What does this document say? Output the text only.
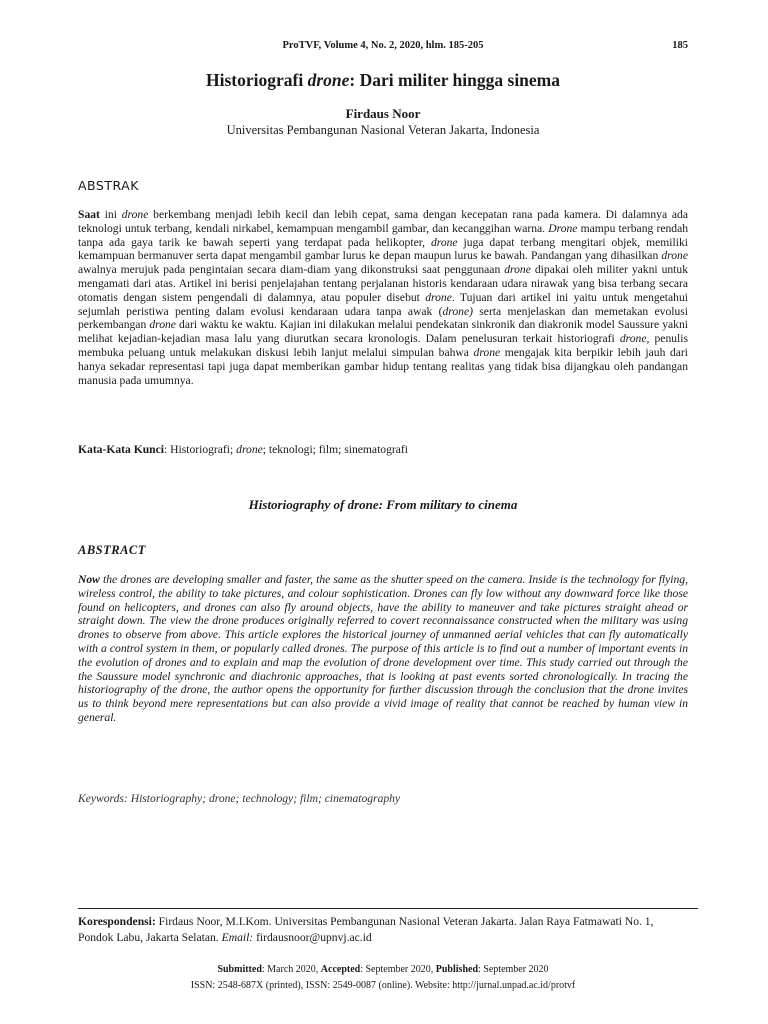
ProTVF, Volume 4, No. 2, 2020, hlm. 185-205	185
Historiografi drone: Dari militer hingga sinema
Firdaus Noor
Universitas Pembangunan Nasional Veteran Jakarta, Indonesia
ABSTRAK
Saat ini drone berkembang menjadi lebih kecil dan lebih cepat, sama dengan kecepatan rana pada kamera. Di dalamnya ada teknologi untuk terbang, kendali nirkabel, kemampuan mengambil gambar, dan kecanggihan warna. Drone mampu terbang rendah tanpa ada gaya tarik ke bawah seperti yang terdapat pada helikopter, drone juga dapat terbang mengitari objek, memiliki kemampuan bermanuver serta dapat mengambil gambar lurus ke depan maupun lurus ke bawah. Pandangan yang dihasilkan drone awalnya merujuk pada pengintaian secara diam-diam yang dikonstruksi saat penggunaan drone dipakai oleh militer yakni untuk mengamati dari atas. Artikel ini berisi penjelajahan tentang perjalanan historis kendaraan udara nirawak yang bisa terbang secara otomatis dengan sistem pengendali di dalamnya, atau populer disebut drone. Tujuan dari artikel ini yaitu untuk mengetahui sejumlah peristiwa penting dalam evolusi kendaraan udara tanpa awak (drone) serta menjelaskan dan memetakan evolusi perkembangan drone dari waktu ke waktu. Kajian ini dilakukan melalui pendekatan sinkronik dan diakronik model Saussure yakni melihat kejadian-kejadian masa lalu yang diurutkan secara kronologis. Dalam penelusuran terkait historiografi drone, penulis membuka peluang untuk melakukan diskusi lebih lanjut melalui simpulan bahwa drone mengajak kita berpikir lebih jauh dari hanya sekadar representasi tapi juga dapat memberikan gambar hidup tentang realitas yang tidak bisa dijangkau oleh pandangan manusia pada umumnya.
Kata-Kata Kunci: Historiografi; drone; teknologi; film; sinematografi
Historiography of drone: From military to cinema
ABSTRACT
Now the drones are developing smaller and faster, the same as the shutter speed on the camera. Inside is the technology for flying, wireless control, the ability to take pictures, and colour sophistication. Drones can fly low without any downward force like those found on helicopters, and drones can also fly around objects, have the ability to maneuver and take pictures straight ahead or straight down. The view the drone produces originally referred to covert reconnaissance constructed when the military was using drones to observe from above. This article explores the historical journey of unmanned aerial vehicles that can fly automatically with a control system in them, or popularly called drones. The purpose of this article is to find out a number of important events in the evolution of drones and to explain and map the evolution of drone development over time. This study carried out through the the Saussure model synchronic and diachronic approaches, that is looking at past events sorted chronologically. In tracing the historiography of the drone, the author opens the opportunity for further discussion through the conclusion that the drone invites us to think beyond mere representations but can also provide a vivid image of reality that cannot be reached by human view in general.
Keywords: Historiography; drone; technology; film; cinematography
Korespondensi: Firdaus Noor, M.I.Kom. Universitas Pembangunan Nasional Veteran Jakarta. Jalan Raya Fatmawati No. 1, Pondok Labu, Jakarta Selatan. Email: firdausnoor@upnvj.ac.id
Submitted: March 2020, Accepted: September 2020, Published: September 2020
ISSN: 2548-687X (printed), ISSN: 2549-0087 (online). Website: http://jurnal.unpad.ac.id/protvf
